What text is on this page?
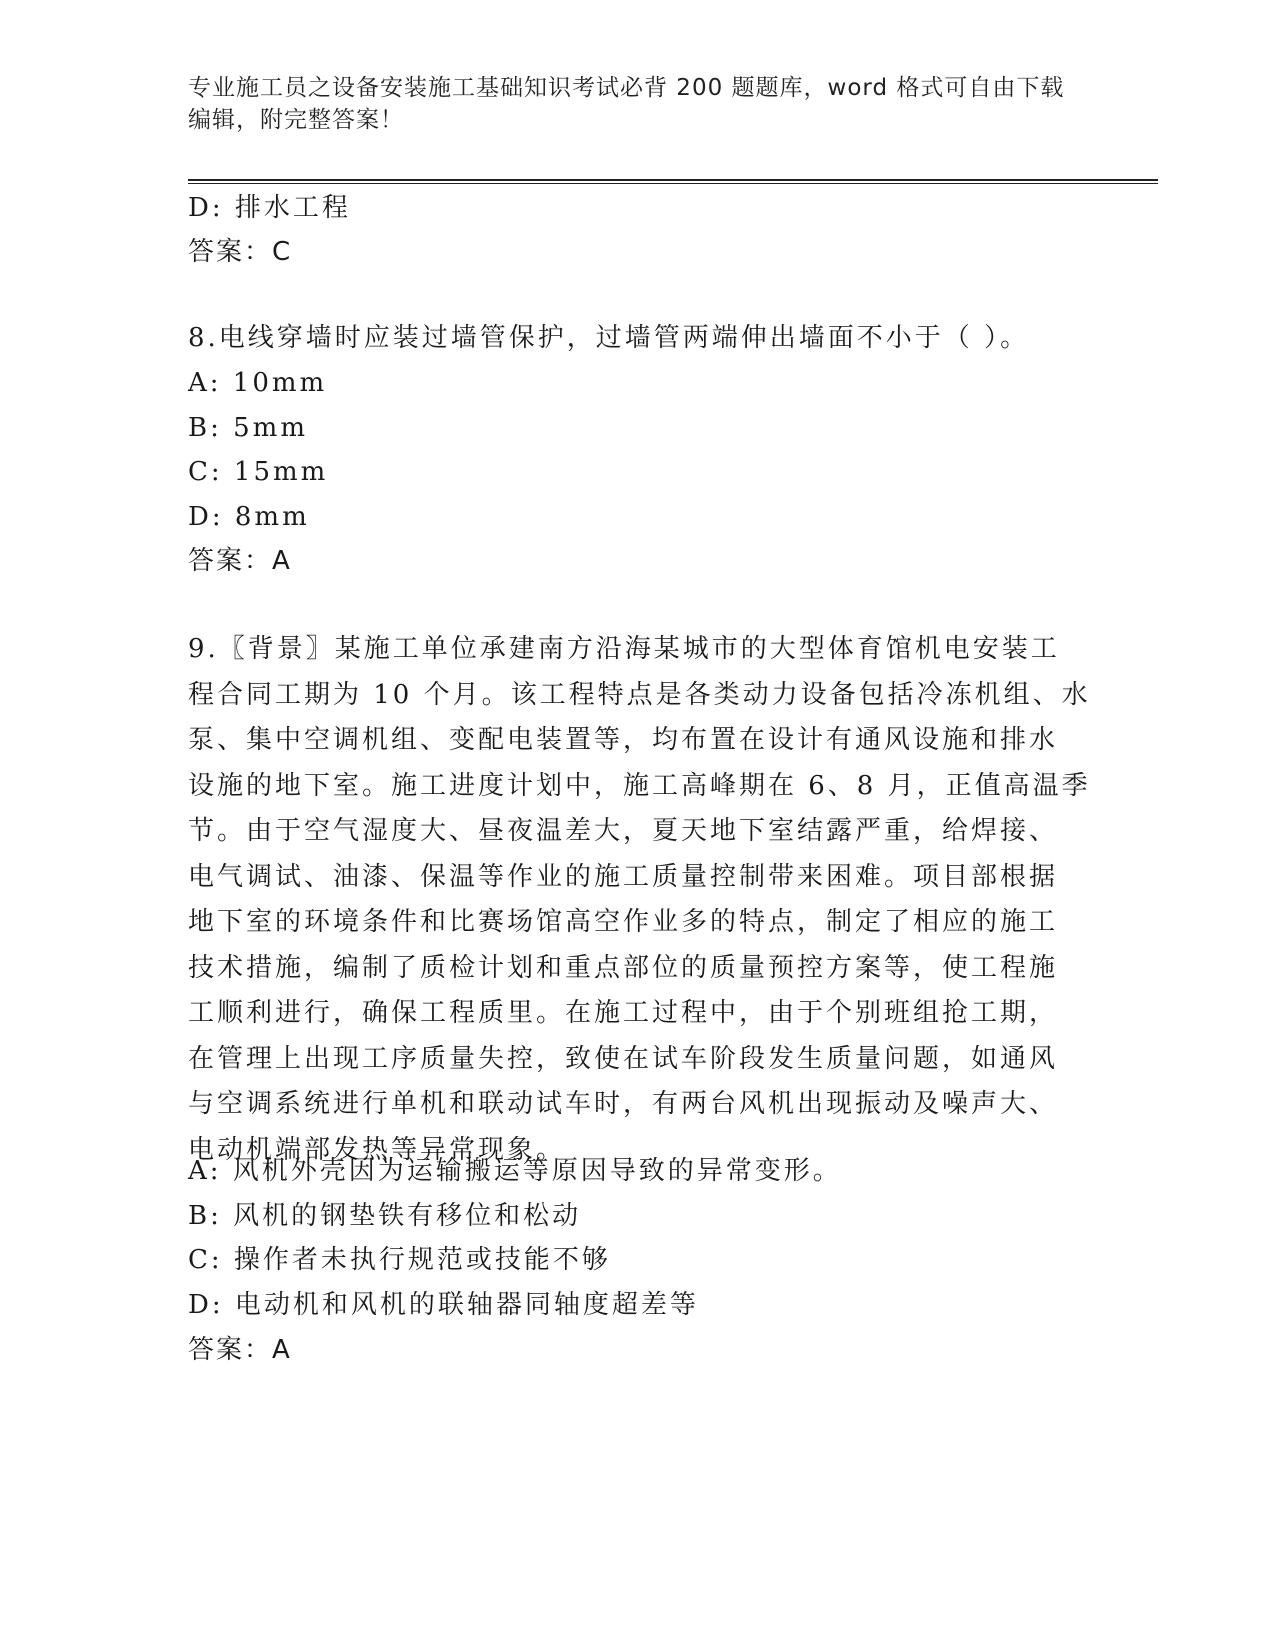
专业施工员之设备安装施工基础知识考试必背 200 题题库，word 格式可自由下载
编辑，附完整答案！
D: 排水工程
答案：C
8.电线穿墙时应装过墙管保护，过墙管两端伸出墙面不小于（ ）。
A: 10mm
B: 5mm
C: 15mm
D: 8mm
答案：A
9.〖背景〗某施工单位承建南方沿海某城市的大型体育馆机电安装工
程合同工期为 10 个月。该工程特点是各类动力设备包括冷冻机组、水
泵、集中空调机组、变配电装置等，均布置在设计有通风设施和排水
设施的地下室。施工进度计划中，施工高峰期在 6、8 月，正值高温季
节。由于空气湿度大、昼夜温差大，夏天地下室结露严重，给焊接、
电气调试、油漆、保温等作业的施工质量控制带来困难。项目部根据
地下室的环境条件和比赛场馆高空作业多的特点，制定了相应的施工
技术措施，编制了质检计划和重点部位的质量预控方案等，使工程施
工顺利进行，确保工程质里。在施工过程中，由于个别班组抢工期，
在管理上出现工序质量失控，致使在试车阶段发生质量问题，如通风
与空调系统进行单机和联动试车时，有两台风机出现振动及噪声大、
电动机端部发热等异常现象。
A: 风机外壳因为运输搬运等原因导致的异常变形。
B: 风机的钢垫铁有移位和松动
C: 操作者未执行规范或技能不够
D: 电动机和风机的联轴器同轴度超差等
答案：A
